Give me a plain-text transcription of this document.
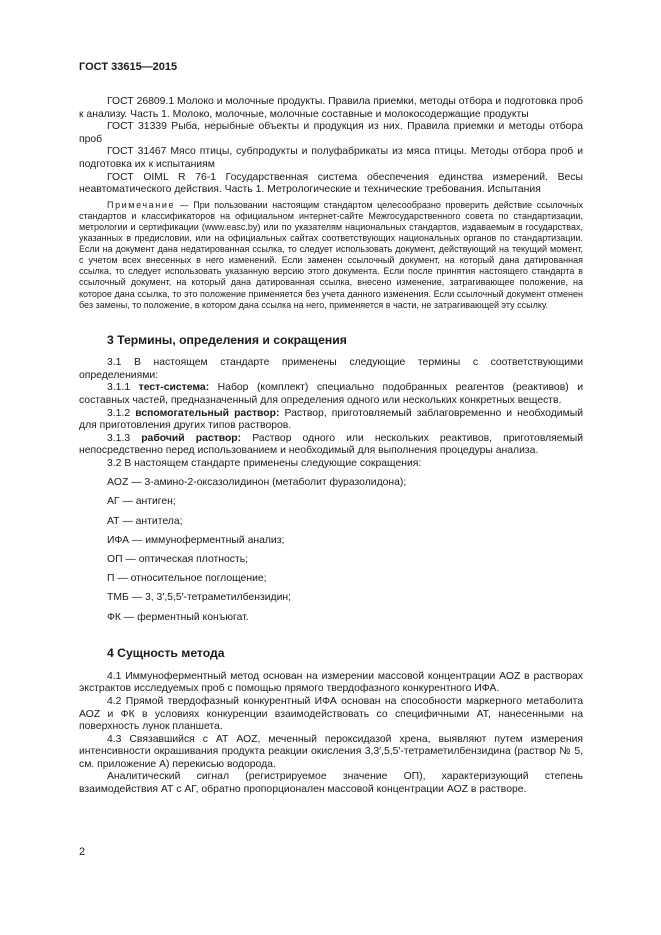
ГОСТ 33615—2015

ГОСТ 26809.1 Молоко и молочные продукты. Правила приемки, методы отбора и подготовка проб к анализу. Часть 1. Молоко, молочные, молочные составные и молокосодержащие продукты

ГОСТ 31339 Рыба, нерыбные объекты и продукция из них. Правила приемки и методы отбора проб

ГОСТ 31467 Мясо птицы, субпродукты и полуфабрикаты из мяса птицы. Методы отбора проб и подготовка их к испытаниям

ГОСТ OIML R 76-1 Государственная система обеспечения единства измерений. Весы неавтоматического действия. Часть 1. Метрологические и технические требования. Испытания

Примечание — При пользовании настоящим стандартом целесообразно проверить действие ссылочных стандартов и классификаторов на официальном интернет-сайте Межгосударственного совета по стандартизации, метрологии и сертификации (www.easc.by) или по указателям национальных стандартов, издаваемым в государствах, указанных в предисловии, или на официальных сайтах соответствующих национальных органов по стандартизации. Если на документ дана недатированная ссылка, то следует использовать документ, действующий на текущий момент, с учетом всех внесенных в него изменений. Если заменен ссылочный документ, на который дана датированная ссылка, то следует использовать указанную версию этого документа. Если после принятия настоящего стандарта в ссылочный документ, на который дана датированная ссылка, внесено изменение, затрагивающее положение, на которое дана ссылка, то это положение применяется без учета данного изменения. Если ссылочный документ отменен без замены, то положение, в котором дана ссылка на него, применяется в части, не затрагивающей эту ссылку.

3 Термины, определения и сокращения

3.1 В настоящем стандарте применены следующие термины с соответствующими определениями:

3.1.1 тест-система: Набор (комплект) специально подобранных реагентов (реактивов) и составных частей, предназначенный для определения одного или нескольких конкретных веществ.

3.1.2 вспомогательный раствор: Раствор, приготовляемый заблаговременно и необходимый для приготовления других типов растворов.

3.1.3 рабочий раствор: Раствор одного или нескольких реактивов, приготовляемый непосредственно перед использованием и необходимый для выполнения процедуры анализа.

3.2 В настоящем стандарте применены следующие сокращения:

АOZ — 3-амино-2-оксазолидинон (метаболит фуразолидона);

АГ — антиген;

АТ — антитела;

ИФА — иммуноферментный анализ;

ОП — оптическая плотность;

П — относительное поглощение;

ТМБ — 3, 3′,5,5′-тетраметилбензидин;

ФК — ферментный конъюгат.

4 Сущность метода

4.1 Иммуноферментный метод основан на измерении массовой концентрации АОZ в растворах экстрактов исследуемых проб с помощью прямого твердофазного конкурентного ИФА.

4.2 Прямой твердофазный конкурентный ИФА основан на способности маркерного метаболита АОZ и ФК в условиях конкуренции взаимодействовать со специфичными АТ, нанесенными на поверхность лунок планшета.

4.3 Связавшийся с АТ АОZ, меченный пероксидазой хрена, выявляют путем измерения интенсивности окрашивания продукта реакции окисления 3,3′,5,5′-тетраметилбензидина (раствор № 5, см. приложение А) перекисью водорода.

Аналитический сигнал (регистрируемое значение ОП), характеризующий степень взаимодействия АТ с АГ, обратно пропорционален массовой концентрации АОZ в растворе.

2
